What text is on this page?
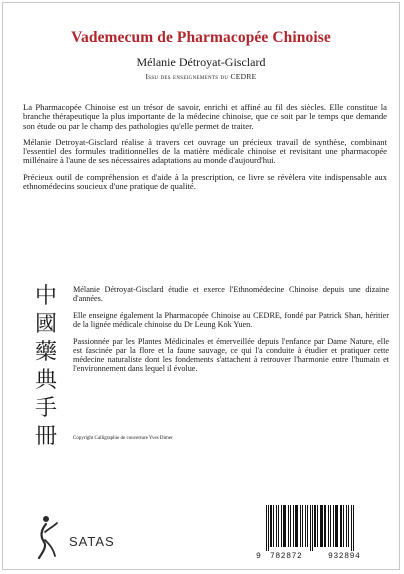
Vademecum de Pharmacopée Chinoise
Mélanie Détroyat-Gisclard
Issu des enseignements du CEDRE

La Pharmacopée Chinoise est un trésor de savoir, enrichi et affiné au fil des siècles. Elle constitue la branche thérapeutique la plus importante de la médecine chinoise, que ce soit par le temps que demande son étude ou par le champ des pathologies qu'elle permet de traiter.

Mélanie Detroyat-Gisclard réalise à travers cet ouvrage un précieux travail de synthèse, combinant l'essentiel des formules traditionnelles de la matière médicale chinoise et revisitant une pharmacopée millénaire à l'aune de ses nécessaires adaptations au monde d'aujourd'hui.

Précieux outil de compréhension et d'aide à la prescription, ce livre se révèlera vite indispensable aux ethnomédecins soucieux d'une pratique de qualité.

中
國
藥
典
手
冊

Mélanie Détroyat-Gisclard étudie et exerce l'Ethnomédecine Chinoise depuis une dizaine d'années.

Elle enseigne également la Pharmacopée Chinoise au CEDRE, fondé par Patrick Shan, héritier de la lignée médicale chinoise du Dr Leung Kok Yuen.

Passionnée par les Plantes Médicinales et émerveillée depuis l'enfance par Dame Nature, elle est fascinée par la flore et la faune sauvage, ce qui l'a conduite à étudier et pratiquer cette médecine naturaliste dont les fondements s'attachent à retrouver l'harmonie entre l'humain et l'environnement dans lequel il évolue.

Copyright Calligraphie de couverture Yves Dimer
SATAS
9 782872	932894
